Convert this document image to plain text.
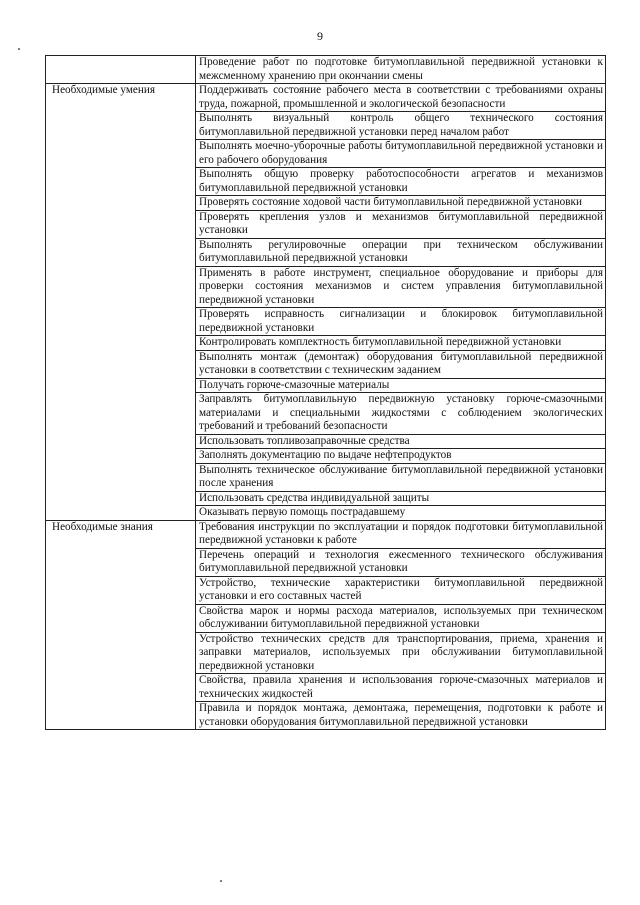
9
	Проведение работ по подготовке битумоплавильной передвижной установки к межсменному хранению при окончании смены
Необходимые умения	Поддерживать состояние рабочего места в соответствии с требованиями охраны труда, пожарной, промышленной и экологической безопасности
	Выполнять визуальный контроль общего технического состояния битумоплавильной передвижной установки перед началом работ
	Выполнять моечно-уборочные работы битумоплавильной передвижной установки и его рабочего оборудования
	Выполнять общую проверку работоспособности агрегатов и механизмов битумоплавильной передвижной установки
	Проверять состояние ходовой части битумоплавильной передвижной установки
	Проверять крепления узлов и механизмов битумоплавильной передвижной установки
	Выполнять регулировочные операции при техническом обслуживании битумоплавильной передвижной установки
	Применять в работе инструмент, специальное оборудование и приборы для проверки состояния механизмов и систем управления битумоплавильной передвижной установки
	Проверять исправность сигнализации и блокировок битумоплавильной передвижной установки
	Контролировать комплектность битумоплавильной передвижной установки
	Выполнять монтаж (демонтаж) оборудования битумоплавильной передвижной установки в соответствии с техническим заданием
	Получать горюче-смазочные материалы
	Заправлять битумоплавильную передвижную установку горюче-смазочными материалами и специальными жидкостями с соблюдением экологических требований и требований безопасности
	Использовать топливозаправочные средства
	Заполнять документацию по выдаче нефтепродуктов
	Выполнять техническое обслуживание битумоплавильной передвижной установки после хранения
	Использовать средства индивидуальной защиты
	Оказывать первую помощь пострадавшему
Необходимые знания	Требования инструкции по эксплуатации и порядок подготовки битумоплавильной передвижной установки к работе
	Перечень операций и технология ежесменного технического обслуживания битумоплавильной передвижной установки
	Устройство, технические характеристики битумоплавильной передвижной установки и его составных частей
	Свойства марок и нормы расхода материалов, используемых при техническом обслуживании битумоплавильной передвижной установки
	Устройство технических средств для транспортирования, приема, хранения и заправки материалов, используемых при обслуживании битумоплавильной передвижной установки
	Свойства, правила хранения и использования горюче-смазочных материалов и технических жидкостей
	Правила и порядок монтажа, демонтажа, перемещения, подготовки к работе и установки оборудования битумоплавильной передвижной установки
